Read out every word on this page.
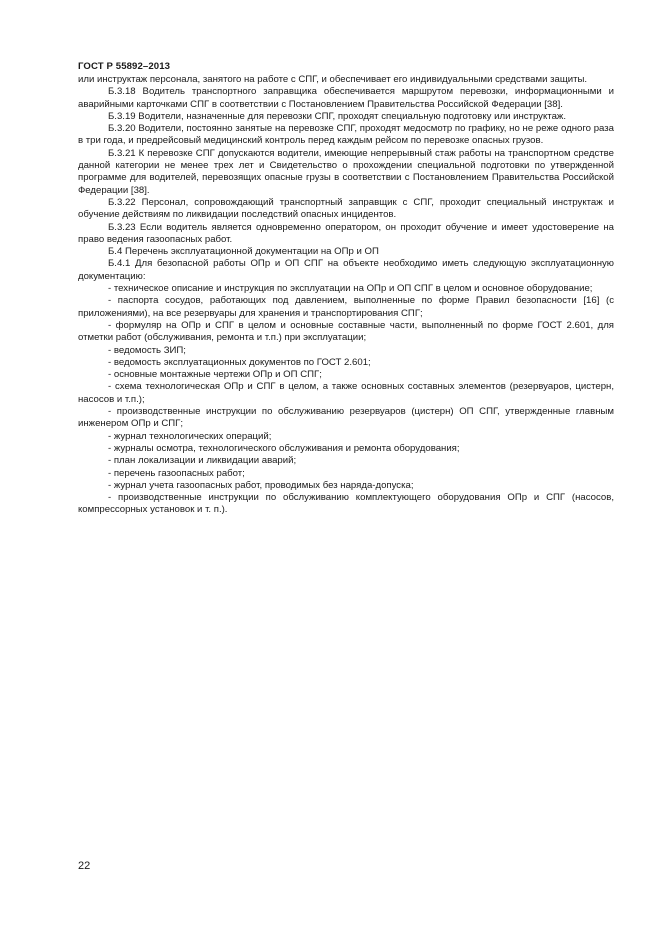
ГОСТ Р 55892–2013

или инструктаж персонала, занятого на работе с СПГ, и обеспечивает его индивидуальными средствами защиты.

Б.3.18 Водитель транспортного заправщика обеспечивается маршрутом перевозки, информационными и аварийными карточками СПГ в соответствии с Постановлением Правительства Российской Федерации [38].

Б.3.19 Водители, назначенные для перевозки СПГ, проходят специальную подготовку или инструктаж.

Б.3.20 Водители, постоянно занятые на перевозке СПГ, проходят медосмотр по графику, но не реже одного раза в три года, и предрейсовый медицинский контроль перед каждым рейсом по перевозке опасных грузов.

Б.3.21 К перевозке СПГ допускаются водители, имеющие непрерывный стаж работы на транспортном средстве данной категории не менее трех лет и Свидетельство о прохождении специальной подготовки по утвержденной программе для водителей, перевозящих опасные грузы в соответствии с Постановлением Правительства Российской Федерации [38].

Б.3.22 Персонал, сопровождающий транспортный заправщик с СПГ, проходит специальный инструктаж и обучение действиям по ликвидации последствий опасных инцидентов.

Б.3.23 Если водитель является одновременно оператором, он проходит обучение и имеет удостоверение на право ведения газоопасных работ.

Б.4 Перечень эксплуатационной документации на ОПр и ОП

Б.4.1 Для безопасной работы ОПр и ОП СПГ на объекте необходимо иметь следующую эксплуатационную документацию:

- техническое описание и инструкция по эксплуатации на ОПр и ОП СПГ в целом и основное оборудование;

- паспорта сосудов, работающих под давлением, выполненные по форме Правил безопасности [16] (с приложениями), на все резервуары для хранения и транспортирования СПГ;

- формуляр на ОПр и СПГ в целом и основные составные части, выполненный по форме ГОСТ 2.601, для отметки работ (обслуживания, ремонта и т.п.) при эксплуатации;

- ведомость ЗИП;

- ведомость эксплуатационных документов по ГОСТ 2.601;

- основные монтажные чертежи ОПр и ОП СПГ;

- схема технологическая ОПр и СПГ в целом, а также основных составных элементов (резервуаров, цистерн, насосов и т.п.);

- производственные инструкции по обслуживанию резервуаров (цистерн) ОП СПГ, утвержденные главным инженером ОПр и СПГ;

- журнал технологических операций;

- журналы осмотра, технологического обслуживания и ремонта оборудования;

- план локализации и ликвидации аварий;

- перечень газоопасных работ;

- журнал учета газоопасных работ, проводимых без наряда-допуска;

- производственные инструкции по обслуживанию комплектующего оборудования ОПр и СПГ (насосов, компрессорных установок и т. п.).

22
